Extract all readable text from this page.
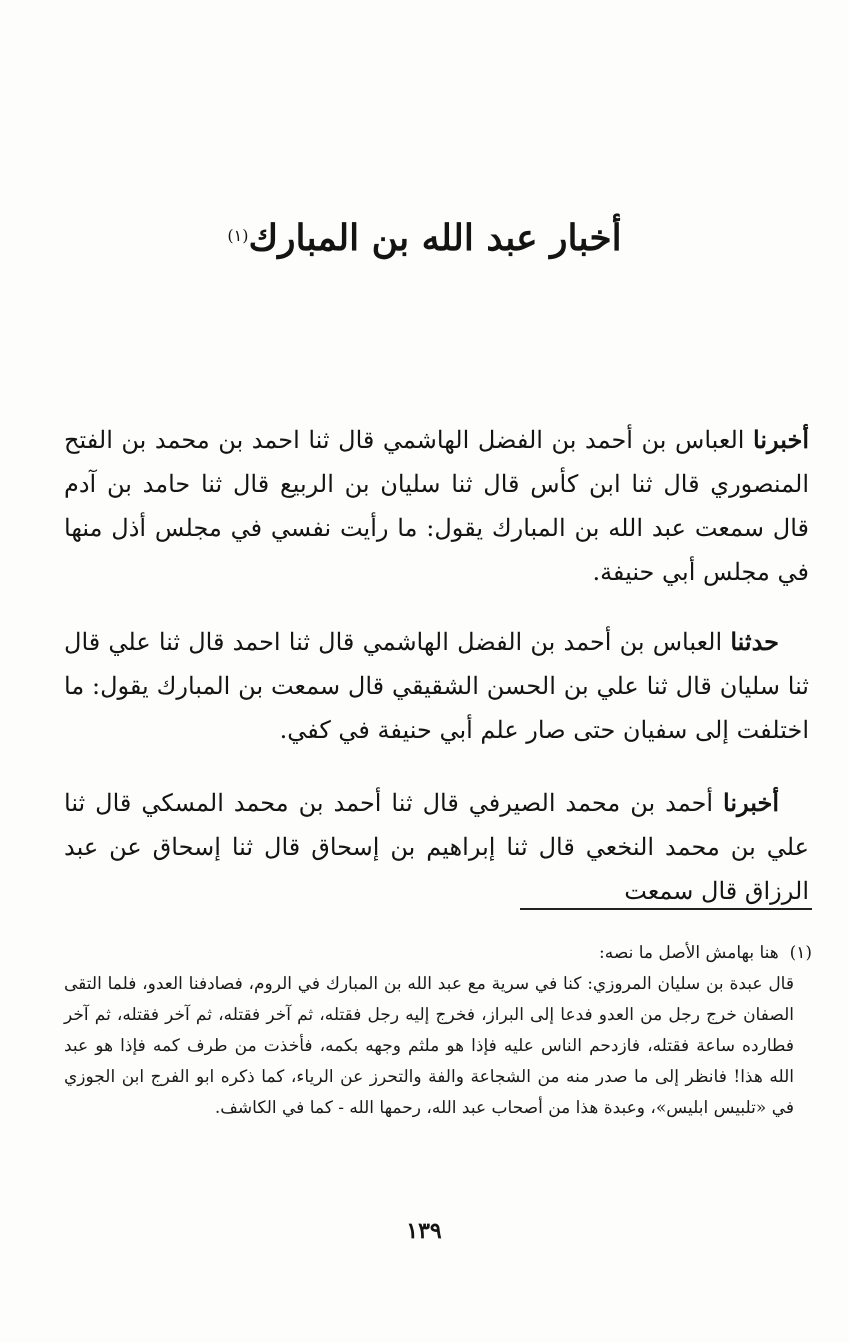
أخبار عبد الله بن المبارك$^{(١)}$

أخبرنا العباس بن أحمد بن الفضل الهاشمي قال ثنا احمد بن محمد بن الفتح المنصوري قال ثنا ابن كأس قال ثنا سليان بن الربيع قال ثنا حامد بن آدم قال سمعت عبد الله بن المبارك يقول: ما رأيت نفسي في مجلس أذل منها في مجلس أبي حنيفة.

حدثنا العباس بن أحمد بن الفضل الهاشمي قال ثنا احمد قال ثنا علي قال ثنا سليان قال ثنا علي بن الحسن الشقيقي قال سمعت بن المبارك يقول: ما اختلفت إلى سفيان حتى صار علم أبي حنيفة في كفي.

أخبرنا أحمد بن محمد الصيرفي قال ثنا أحمد بن محمد المسكي قال ثنا علي بن محمد النخعي قال ثنا إبراهيم بن إسحاق قال ثنا إسحاق عن عبد الرزاق قال سمعت

(١)  هنا بهامش الأصل ما نصه:

قال عبدة بن سليان المروزي: كنا في سرية مع عبد الله بن المبارك في الروم، فصادفنا العدو، فلما التقى الصفان خرج رجل من العدو فدعا إلى البراز، فخرج إليه رجل فقتله، ثم آخر فقتله، ثم آخر فقتله، ثم آخر فطارده ساعة فقتله، فازدحم الناس عليه فإذا هو ملثم وجهه بكمه، فأخذت من طرف كمه فإذا هو عبد الله هذا! فانظر إلى ما صدر منه من الشجاعة والفة والتحرز عن الرياء، كما ذكره ابو الفرج ابن الجوزي في «تلبيس ابليس»، وعبدة هذا من أصحاب عبد الله، رحمها الله - كما في الكاشف.

١٣٩
